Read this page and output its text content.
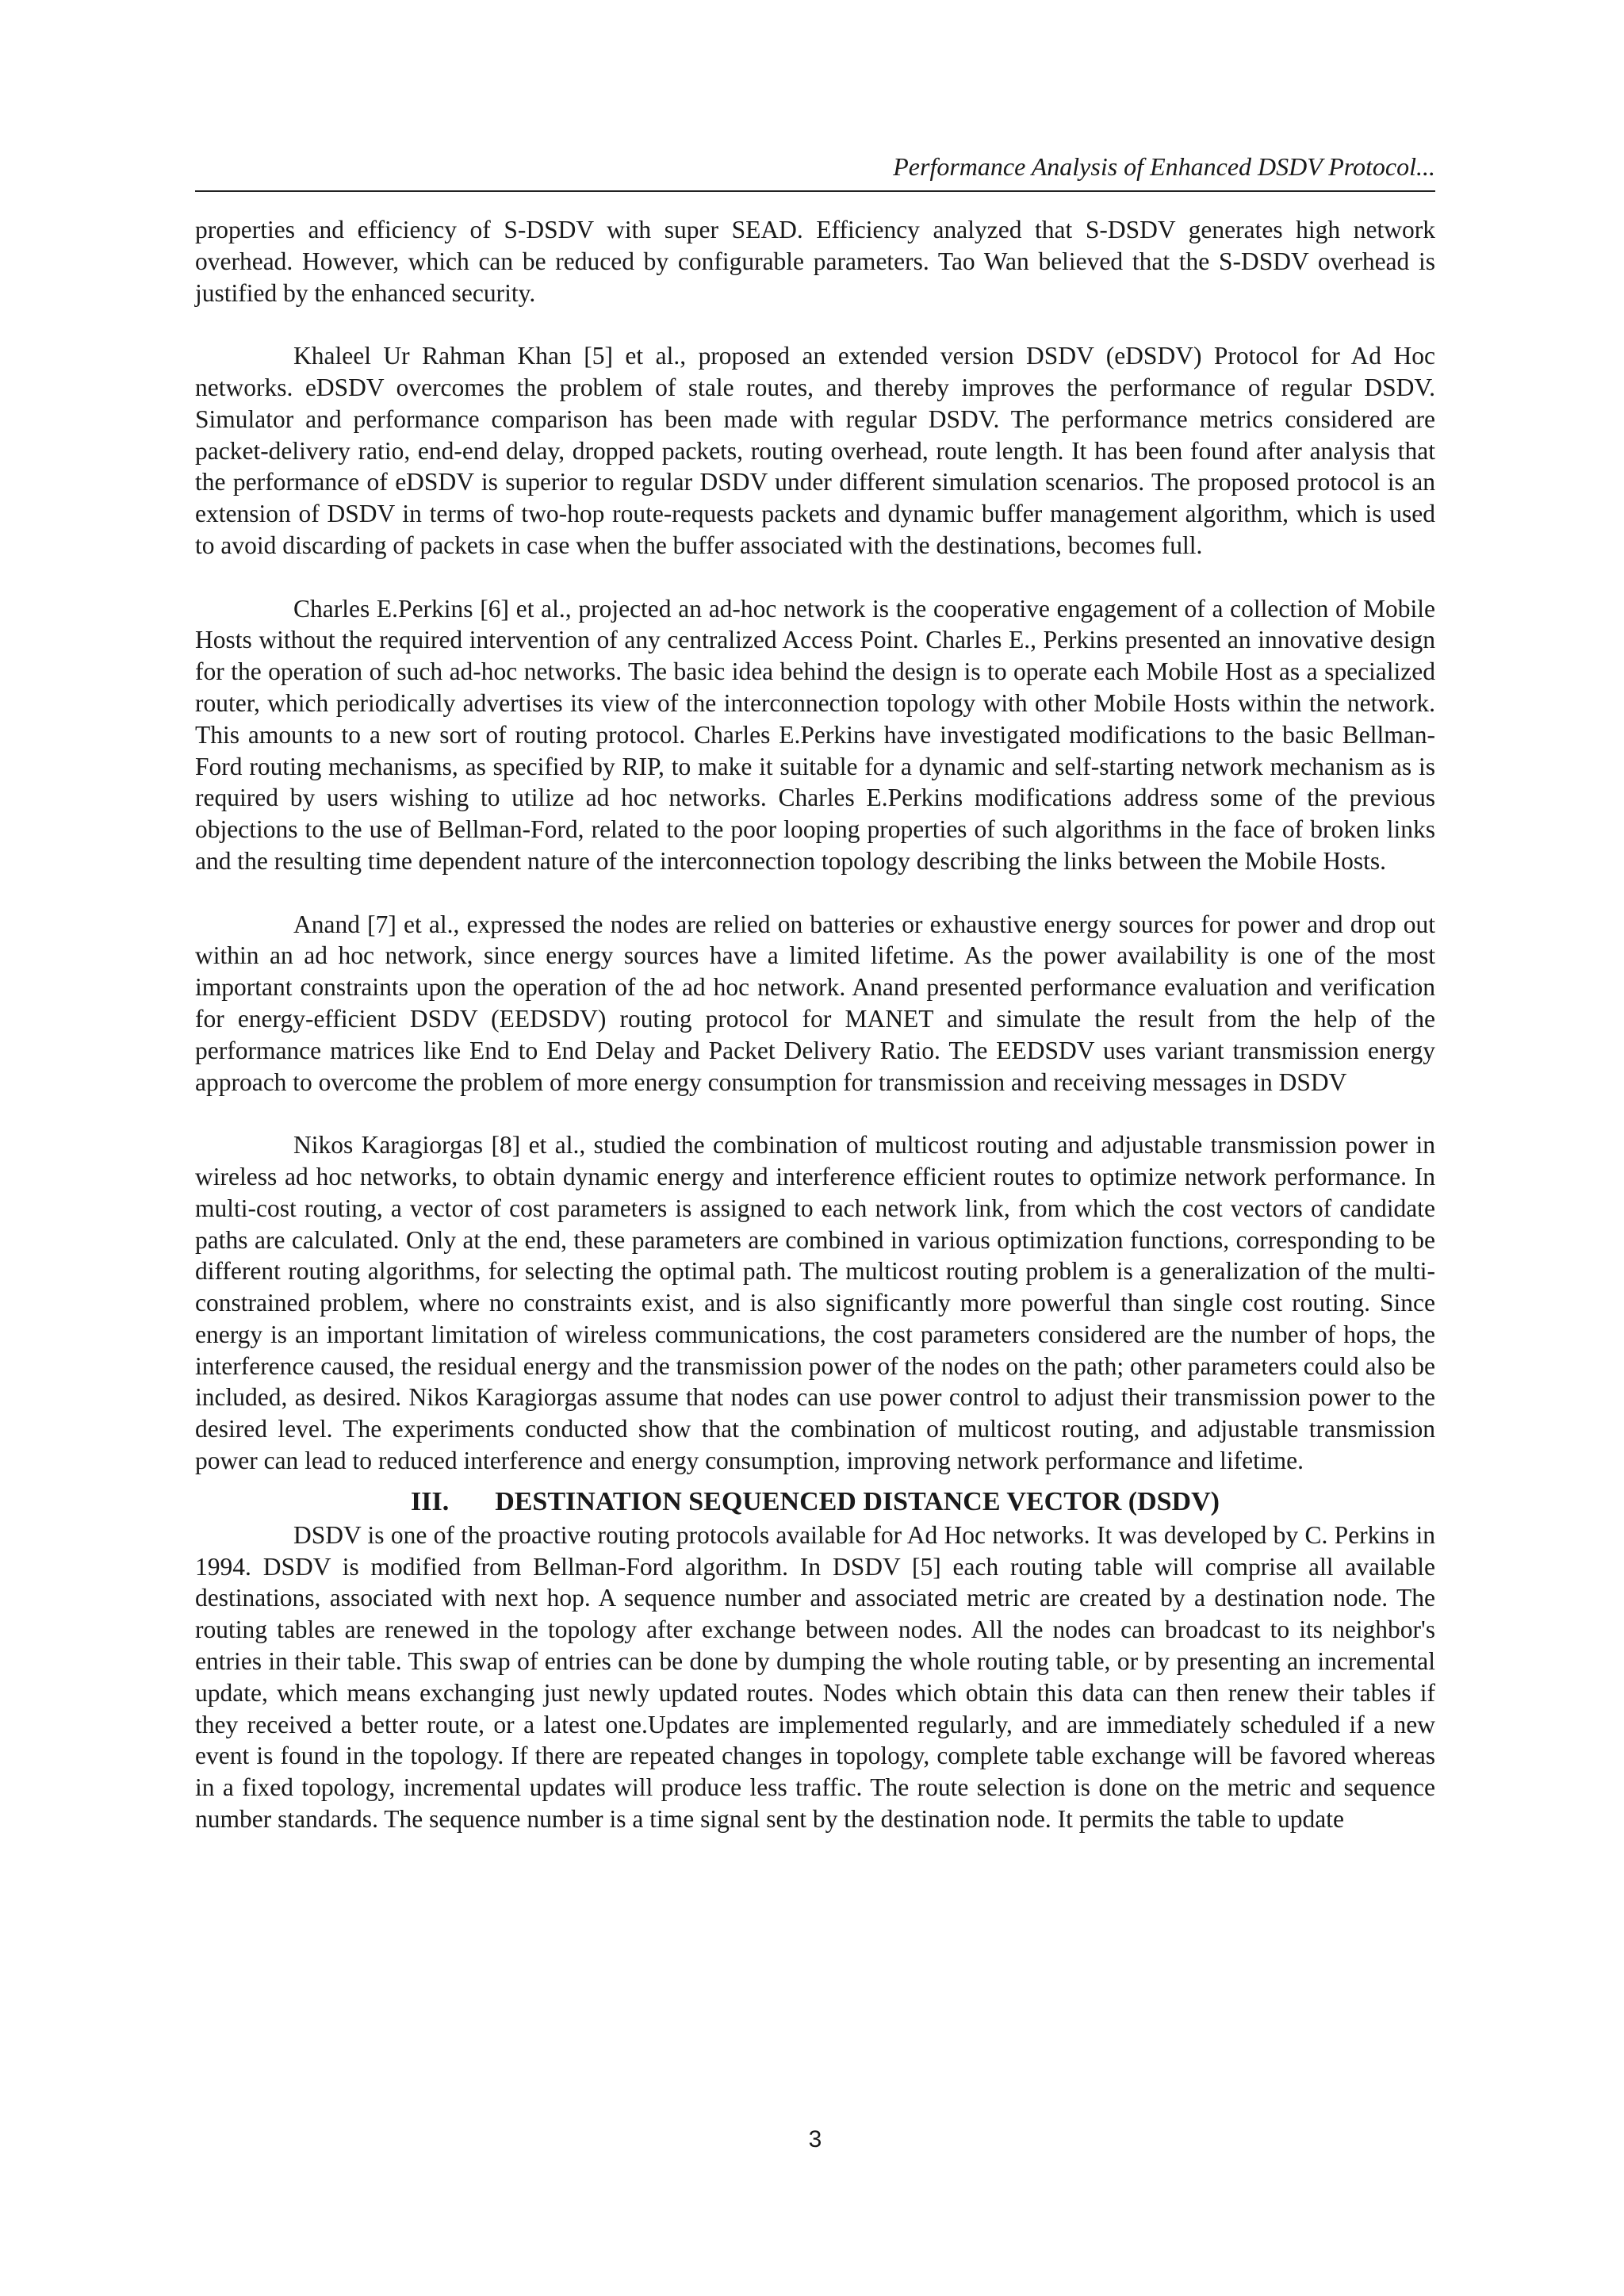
Performance Analysis of Enhanced DSDV Protocol...

properties and efficiency of S-DSDV with super SEAD. Efficiency analyzed that S-DSDV generates high network overhead. However, which can be reduced by configurable parameters. Tao Wan believed that the S-DSDV overhead is justified by the enhanced security.

Khaleel Ur Rahman Khan [5] et al., proposed an extended version DSDV (eDSDV) Protocol for Ad Hoc networks. eDSDV overcomes the problem of stale routes, and thereby improves the performance of regular DSDV. Simulator and performance comparison has been made with regular DSDV. The performance metrics considered are packet-delivery ratio, end-end delay, dropped packets, routing overhead, route length. It has been found after analysis that the performance of eDSDV is superior to regular DSDV under different simulation scenarios. The proposed protocol is an extension of DSDV in terms of two-hop route-requests packets and dynamic buffer management algorithm, which is used to avoid discarding of packets in case when the buffer associated with the destinations, becomes full.

Charles E.Perkins [6] et al., projected an ad-hoc network is the cooperative engagement of a collection of Mobile Hosts without the required intervention of any centralized Access Point. Charles E., Perkins presented an innovative design for the operation of such ad-hoc networks. The basic idea behind the design is to operate each Mobile Host as a specialized router, which periodically advertises its view of the interconnection topology with other Mobile Hosts within the network. This amounts to a new sort of routing protocol. Charles E.Perkins have investigated modifications to the basic Bellman-Ford routing mechanisms, as specified by RIP, to make it suitable for a dynamic and self-starting network mechanism as is required by users wishing to utilize ad hoc networks. Charles E.Perkins modifications address some of the previous objections to the use of Bellman-Ford, related to the poor looping properties of such algorithms in the face of broken links and the resulting time dependent nature of the interconnection topology describing the links between the Mobile Hosts.

Anand [7] et al., expressed the nodes are relied on batteries or exhaustive energy sources for power and drop out within an ad hoc network, since energy sources have a limited lifetime. As the power availability is one of the most important constraints upon the operation of the ad hoc network. Anand presented performance evaluation and verification for energy-efficient DSDV (EEDSDV) routing protocol for MANET and simulate the result from the help of the performance matrices like End to End Delay and Packet Delivery Ratio. The EEDSDV uses variant transmission energy approach to overcome the problem of more energy consumption for transmission and receiving messages in DSDV

Nikos Karagiorgas [8] et al., studied the combination of multicost routing and adjustable transmission power in wireless ad hoc networks, to obtain dynamic energy and interference efficient routes to optimize network performance. In multi-cost routing, a vector of cost parameters is assigned to each network link, from which the cost vectors of candidate paths are calculated. Only at the end, these parameters are combined in various optimization functions, corresponding to be different routing algorithms, for selecting the optimal path. The multicost routing problem is a generalization of the multi-constrained problem, where no constraints exist, and is also significantly more powerful than single cost routing. Since energy is an important limitation of wireless communications, the cost parameters considered are the number of hops, the interference caused, the residual energy and the transmission power of the nodes on the path; other parameters could also be included, as desired. Nikos Karagiorgas assume that nodes can use power control to adjust their transmission power to the desired level. The experiments conducted show that the combination of multicost routing, and adjustable transmission power can lead to reduced interference and energy consumption, improving network performance and lifetime.

III. DESTINATION SEQUENCED DISTANCE VECTOR (DSDV)

DSDV is one of the proactive routing protocols available for Ad Hoc networks. It was developed by C. Perkins in 1994. DSDV is modified from Bellman-Ford algorithm. In DSDV [5] each routing table will comprise all available destinations, associated with next hop. A sequence number and associated metric are created by a destination node. The routing tables are renewed in the topology after exchange between nodes. All the nodes can broadcast to its neighbor's entries in their table. This swap of entries can be done by dumping the whole routing table, or by presenting an incremental update, which means exchanging just newly updated routes. Nodes which obtain this data can then renew their tables if they received a better route, or a latest one.Updates are implemented regularly, and are immediately scheduled if a new event is found in the topology. If there are repeated changes in topology, complete table exchange will be favored whereas in a fixed topology, incremental updates will produce less traffic. The route selection is done on the metric and sequence number standards. The sequence number is a time signal sent by the destination node. It permits the table to update

3
